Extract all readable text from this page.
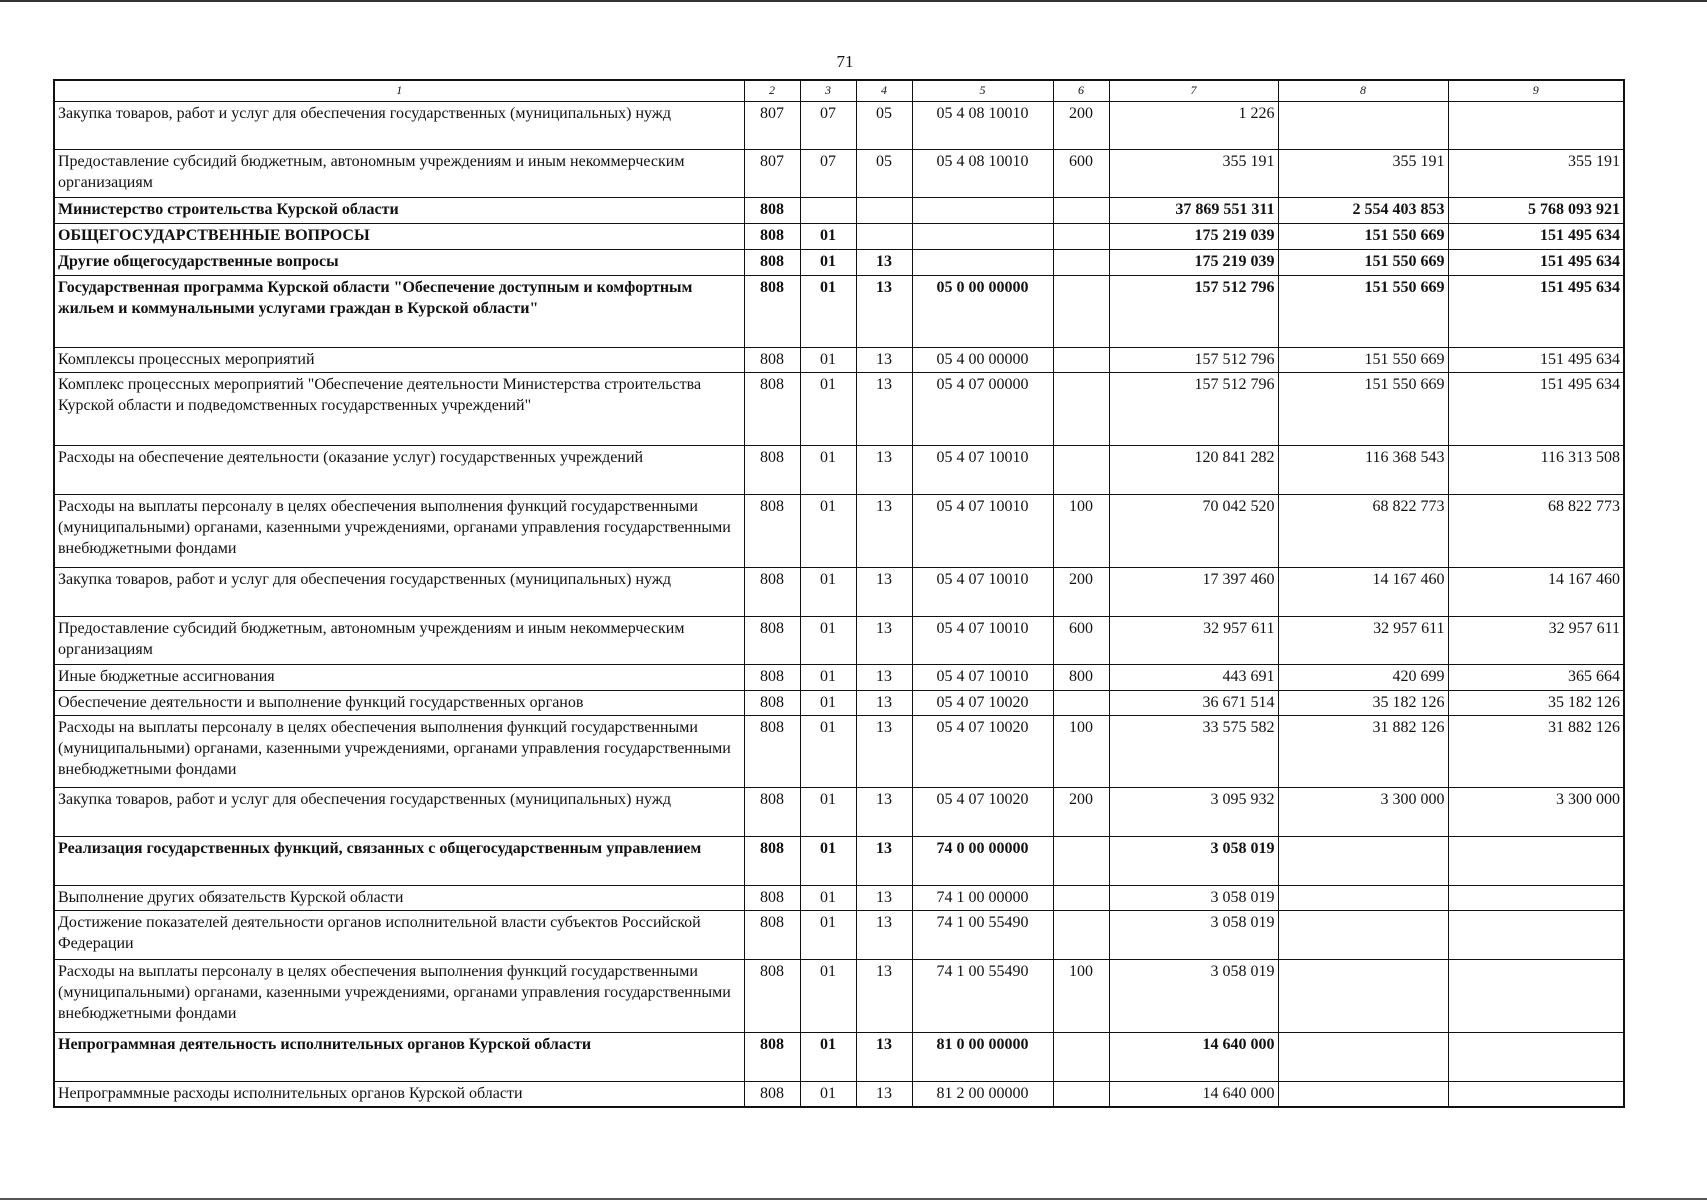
71
1	2	3	4	5	6	7	8	9
Закупка товаров, работ и услуг для обеспечения государственных (муниципальных) нужд	807	07	05	05 4 08 10010	200	1 226		
Предоставление субсидий бюджетным, автономным учреждениям и иным некоммерческим организациям	807	07	05	05 4 08 10010	600	355 191	355 191	355 191
Министерство строительства Курской области	808					37 869 551 311	2 554 403 853	5 768 093 921
ОБЩЕГОСУДАРСТВЕННЫЕ ВОПРОСЫ	808	01				175 219 039	151 550 669	151 495 634
Другие общегосударственные вопросы	808	01	13			175 219 039	151 550 669	151 495 634
Государственная программа Курской области "Обеспечение доступным и комфортным жильем и коммунальными услугами граждан в Курской области"	808	01	13	05 0 00 00000		157 512 796	151 550 669	151 495 634
Комплексы процессных мероприятий	808	01	13	05 4 00 00000		157 512 796	151 550 669	151 495 634
Комплекс процессных мероприятий "Обеспечение деятельности Министерства строительства Курской области и подведомственных государственных учреждений"	808	01	13	05 4 07 00000		157 512 796	151 550 669	151 495 634
Расходы на обеспечение деятельности (оказание услуг) государственных учреждений	808	01	13	05 4 07 10010		120 841 282	116 368 543	116 313 508
Расходы на выплаты персоналу в целях обеспечения выполнения функций государственными (муниципальными) органами, казенными учреждениями, органами управления государственными внебюджетными фондами	808	01	13	05 4 07 10010	100	70 042 520	68 822 773	68 822 773
Закупка товаров, работ и услуг для обеспечения государственных (муниципальных) нужд	808	01	13	05 4 07 10010	200	17 397 460	14 167 460	14 167 460
Предоставление субсидий бюджетным, автономным учреждениям и иным некоммерческим организациям	808	01	13	05 4 07 10010	600	32 957 611	32 957 611	32 957 611
Иные бюджетные ассигнования	808	01	13	05 4 07 10010	800	443 691	420 699	365 664
Обеспечение деятельности и выполнение функций государственных органов	808	01	13	05 4 07 10020		36 671 514	35 182 126	35 182 126
Расходы на выплаты персоналу в целях обеспечения выполнения функций государственными (муниципальными) органами, казенными учреждениями, органами управления государственными внебюджетными фондами	808	01	13	05 4 07 10020	100	33 575 582	31 882 126	31 882 126
Закупка товаров, работ и услуг для обеспечения государственных (муниципальных) нужд	808	01	13	05 4 07 10020	200	3 095 932	3 300 000	3 300 000
Реализация государственных функций, связанных с общегосударственным управлением	808	01	13	74 0 00 00000		3 058 019		
Выполнение других обязательств Курской области	808	01	13	74 1 00 00000		3 058 019		
Достижение показателей деятельности органов исполнительной власти субъектов Российской Федерации	808	01	13	74 1 00 55490		3 058 019		
Расходы на выплаты персоналу в целях обеспечения выполнения функций государственными (муниципальными) органами, казенными учреждениями, органами управления государственными внебюджетными фондами	808	01	13	74 1 00 55490	100	3 058 019		
Непрограммная деятельность исполнительных органов Курской области	808	01	13	81 0 00 00000		14 640 000		
Непрограммные расходы исполнительных органов Курской области	808	01	13	81 2 00 00000		14 640 000		
